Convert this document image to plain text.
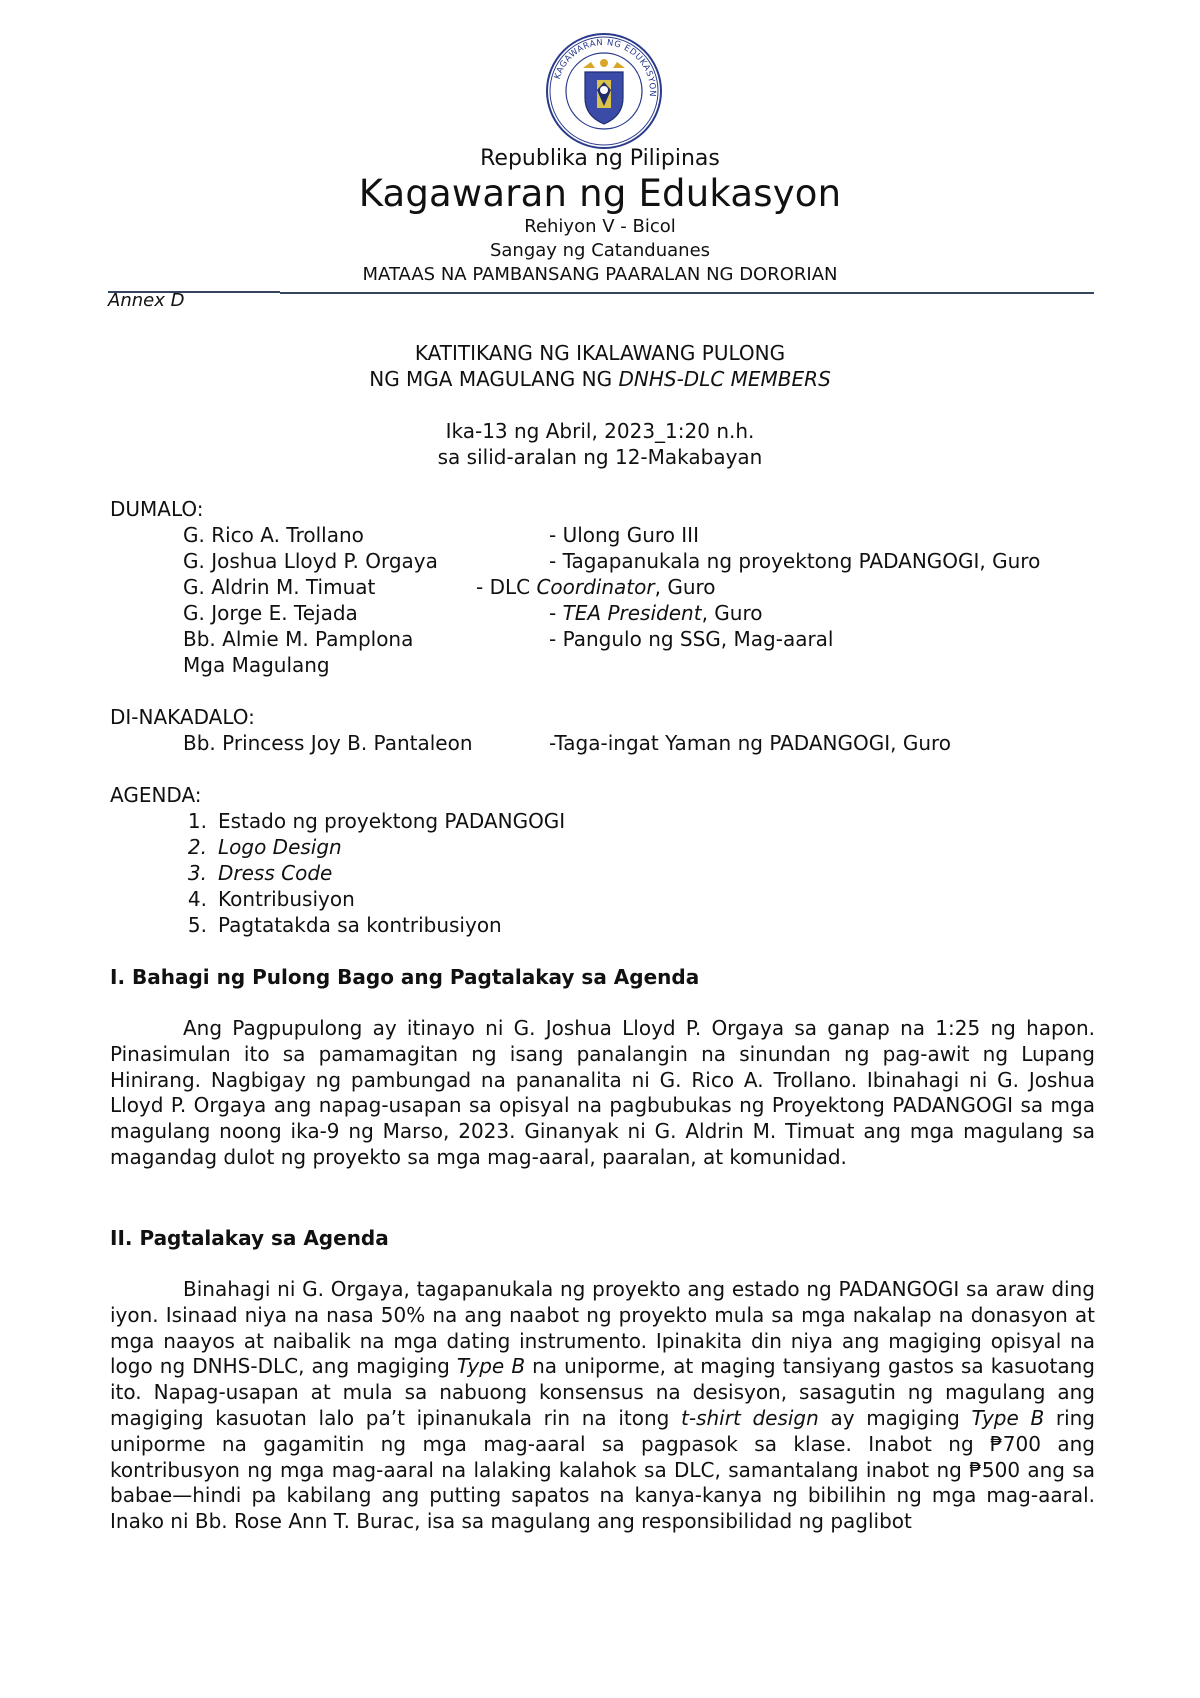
KAGAWARAN NG EDUKASYON
Republika ng Pilipinas
Kagawaran ng Edukasyon
Rehiyon V - Bicol
Sangay ng Catanduanes
MATAAS NA PAMBANSANG PAARALAN NG DORORIAN
Annex D
KATITIKANG NG IKALAWANG PULONG
NG MGA MAGULANG NG DNHS-DLC MEMBERS
Ika-13 ng Abril, 2023_1:20 n.h.
sa silid-aralan ng 12-Makabayan
DUMALO:
G. Rico A. Trollano	- Ulong Guro III
G. Joshua Lloyd P. Orgaya	- Tagapanukala ng proyektong PADANGOGI, Guro
G. Aldrin M. Timuat	- DLC Coordinator, Guro
G. Jorge E. Tejada	- TEA President, Guro
Bb. Almie M. Pamplona	- Pangulo ng SSG, Mag-aaral
Mga Magulang
DI-NAKADALO:
Bb. Princess Joy B. Pantaleon	-Taga-ingat Yaman ng PADANGOGI, Guro
AGENDA:
1. Estado ng proyektong PADANGOGI
2. Logo Design
3. Dress Code
4. Kontribusiyon
5. Pagtatakda sa kontribusiyon
I. Bahagi ng Pulong Bago ang Pagtalakay sa Agenda

Ang Pagpupulong ay itinayo ni G. Joshua Lloyd P. Orgaya sa ganap na 1:25 ng hapon. Pinasimulan ito sa pamamagitan ng isang panalangin na sinundan ng pag-awit ng Lupang Hinirang. Nagbigay ng pambungad na pananalita ni G. Rico A. Trollano. Ibinahagi ni G. Joshua Lloyd P. Orgaya ang napag-usapan sa opisyal na pagbubukas ng Proyektong PADANGOGI sa mga magulang noong ika-9 ng Marso, 2023. Ginanyak ni G. Aldrin M. Timuat ang mga magulang sa magandag dulot ng proyekto sa mga mag-aaral, paaralan, at komunidad.

II. Pagtalakay sa Agenda

Binahagi ni G. Orgaya, tagapanukala ng proyekto ang estado ng PADANGOGI sa araw ding iyon. Isinaad niya na nasa 50% na ang naabot ng proyekto mula sa mga nakalap na donasyon at mga naayos at naibalik na mga dating instrumento. Ipinakita din niya ang magiging opisyal na logo ng DNHS-DLC, ang magiging Type B na uniporme, at maging tansiyang gastos sa kasuotang ito. Napag-usapan at mula sa nabuong konsensus na desisyon, sasagutin ng magulang ang magiging kasuotan lalo pa’t ipinanukala rin na itong t-shirt design ay magiging Type B ring uniporme na gagamitin ng mga mag-aaral sa pagpasok sa klase. Inabot ng ₱700 ang kontribusyon ng mga mag-aaral na lalaking kalahok sa DLC, samantalang inabot ng ₱500 ang sa babae—hindi pa kabilang ang putting sapatos na kanya-kanya ng bibilihin ng mga mag-aaral. Inako ni Bb. Rose Ann T. Burac, isa sa magulang ang responsibilidad ng paglibot
